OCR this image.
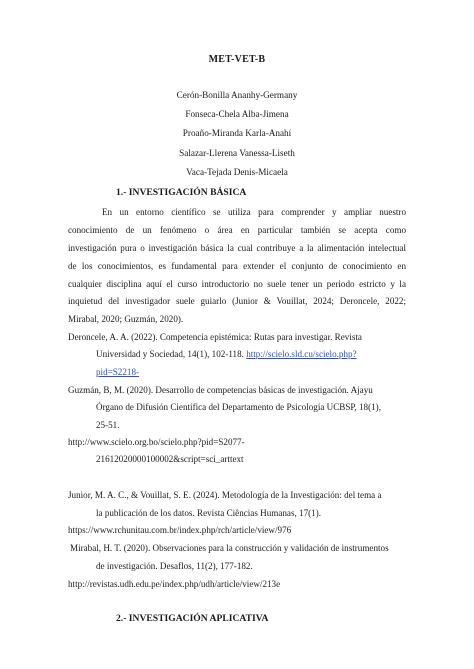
MET-VET-B
Cerón-Bonilla Ananhy-Germany
Fonseca-Chela Alba-Jimena
Proaño-Miranda Karla-Anahí
Salazar-Llerena Vanessa-Liseth
Vaca-Tejada Denis-Micaela
1.- INVESTIGACIÓN BÁSICA
En un entorno científico se utiliza para comprender y ampliar nuestro
conocimiento de un fenómeno o área en particular también se acepta como
investigación pura o investigación básica la cual contribuye a la alimentación intelectual
de los conocimientos, es fundamental para extender el conjunto de conocimiento en
cualquier disciplina aquí el curso introductorio no suele tener un periodo estricto y la
inquietud del investigador suele guiarlo (Junior & Vouillat, 2024; Deroncele, 2022;
Mirabal, 2020; Guzmán, 2020).
Deroncele, A. A. (2022). Competencia epistémica: Rutas para investigar. Revista
Universidad y Sociedad, 14(1), 102-118. http://scielo.sld.cu/scielo.php?
pid=S2218-
Guzmán, B, M. (2020). Desarrollo de competencias básicas de investigación. Ajayu
Órgano de Difusión Científica del Departamento de Psicología UCBSP, 18(1),
25-51.
http://www.scielo.org.bo/scielo.php?pid=S2077-
21612020000100002&script=sci_arttext
Junior, M. A. C., & Vouillat, S. E. (2024). Metodología de la Investigación: del tema a
la publicación de los datos. Revista Ciências Humanas, 17(1).
https://www.rchunitau.com.br/index.php/rch/article/view/976
Mirabal, H. T. (2020). Observaciones para la construcción y validación de instrumentos
de investigación. Desaflos, 11(2), 177-182.
http://revistas.udh.edu.pe/index.php/udh/article/view/213e
2.- INVESTIGACIÓN APLICATIVA
